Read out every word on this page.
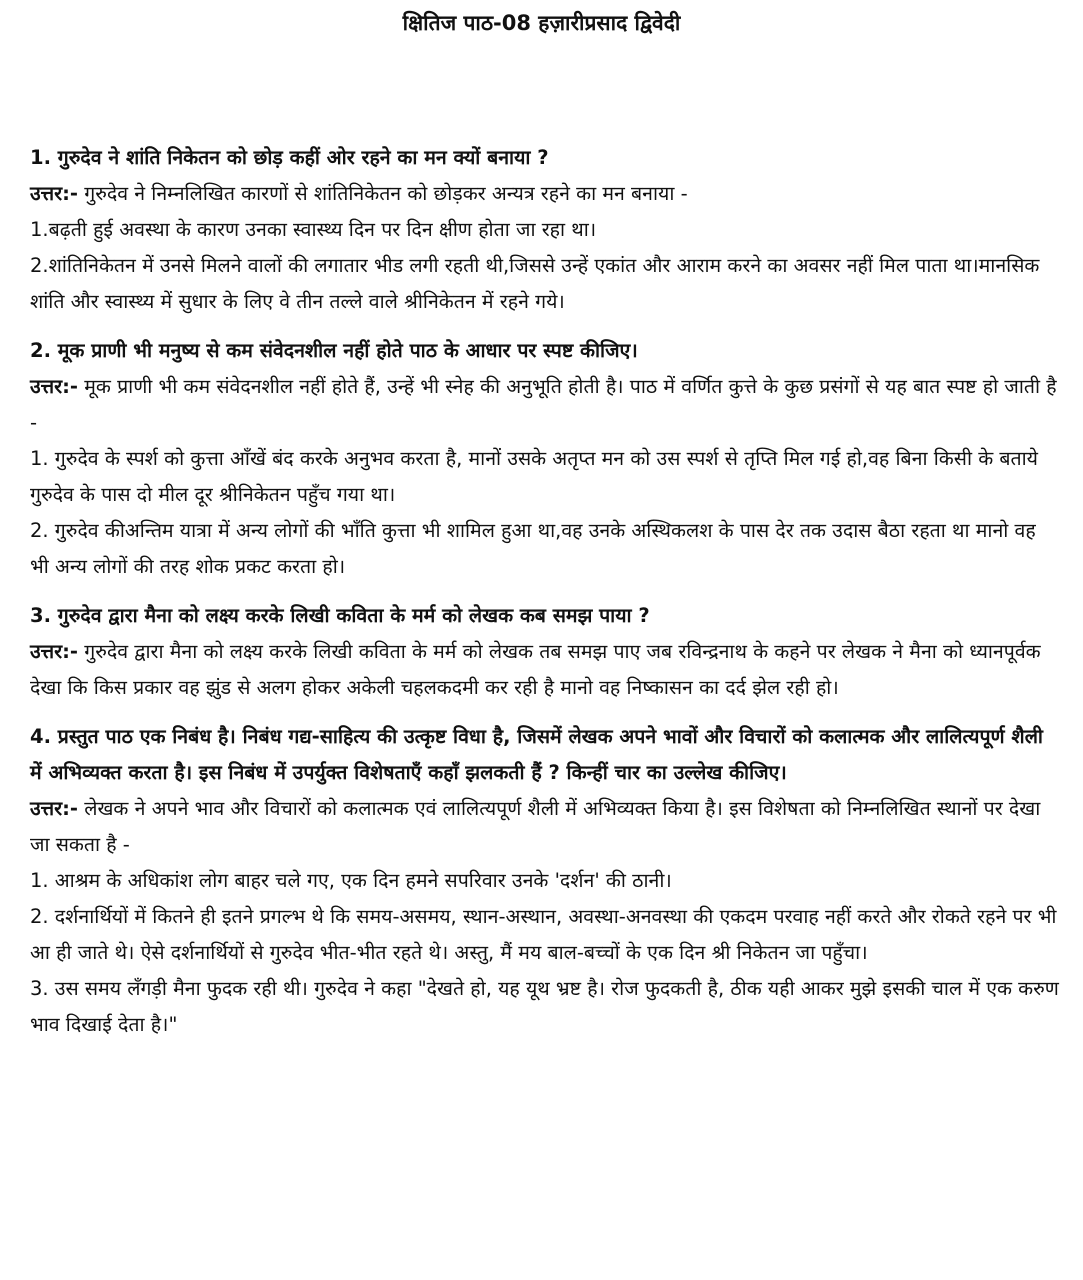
क्षितिज पाठ-08 हज़ारीप्रसाद द्विवेदी

1. गुरुदेव ने शांति निकेतन को छोड़ कहीं ओर रहने का मन क्यों बनाया ?

उत्तर:- गुरुदेव ने निम्नलिखित कारणों से शांतिनिकेतन को छोड़कर अन्यत्र रहने का मन बनाया -

1.बढ़ती हुई अवस्था के कारण उनका स्वास्थ्य दिन पर दिन क्षीण होता जा रहा था।

2.शांतिनिकेतन में उनसे मिलने वालों की लगातार भीड लगी रहती थी,जिससे उन्हें एकांत और आराम करने का अवसर नहीं मिल पाता था।मानसिक शांति और स्वास्थ्य में सुधार के लिए वे तीन तल्ले वाले श्रीनिकेतन में रहने गये।

2. मूक प्राणी भी मनुष्य से कम संवेदनशील नहीं होते पाठ के आधार पर स्पष्ट कीजिए।

उत्तर:- मूक प्राणी भी कम संवेदनशील नहीं होते हैं, उन्हें भी स्नेह की अनुभूति होती है। पाठ में वर्णित कुत्ते के कुछ प्रसंगों से यह बात स्पष्ट हो जाती है -

1. गुरुदेव के स्पर्श को कुत्ता आँखें बंद करके अनुभव करता है, मानों उसके अतृप्त मन को उस स्पर्श से तृप्ति मिल गई हो,वह बिना किसी के बताये गुरुदेव के पास दो मील दूर श्रीनिकेतन पहुँच गया था।

2. गुरुदेव कीअन्तिम यात्रा में अन्य लोगों की भाँति कुत्ता भी शामिल हुआ था,वह उनके अस्थिकलश के पास देर तक उदास बैठा रहता था मानो वह भी अन्य लोगों की तरह शोक प्रकट करता हो।

3. गुरुदेव द्वारा मैना को लक्ष्य करके लिखी कविता के मर्म को लेखक कब समझ पाया ?

उत्तर:- गुरुदेव द्वारा मैना को लक्ष्य करके लिखी कविता के मर्म को लेखक तब समझ पाए जब रविन्द्रनाथ के कहने पर लेखक ने मैना को ध्यानपूर्वक देखा कि किस प्रकार वह झुंड से अलग होकर अकेली चहलकदमी कर रही है मानो वह निष्कासन का दर्द झेल रही हो।

4. प्रस्तुत पाठ एक निबंध है। निबंध गद्य-साहित्य की उत्कृष्ट विधा है, जिसमें लेखक अपने भावों और विचारों को कलात्मक और लालित्यपूर्ण शैली में अभिव्यक्त करता है। इस निबंध में उपर्युक्त विशेषताएँ कहाँ झलकती हैं ? किन्हीं चार का उल्लेख कीजिए।

उत्तर:- लेखक ने अपने भाव और विचारों को कलात्मक एवं लालित्यपूर्ण शैली में अभिव्यक्त किया है। इस विशेषता को निम्नलिखित स्थानों पर देखा जा सकता है -

1. आश्रम के अधिकांश लोग बाहर चले गए, एक दिन हमने सपरिवार उनके 'दर्शन' की ठानी।

2. दर्शनार्थियों में कितने ही इतने प्रगल्भ थे कि समय-असमय, स्थान-अस्थान, अवस्था-अनवस्था की एकदम परवाह नहीं करते और रोकते रहने पर भी आ ही जाते थे। ऐसे दर्शनार्थियों से गुरुदेव भीत-भीत रहते थे। अस्तु, मैं मय बाल-बच्चों के एक दिन श्री निकेतन जा पहुँचा।

3. उस समय लँगड़ी मैना फुदक रही थी। गुरुदेव ने कहा "देखते हो, यह यूथ भ्रष्ट है। रोज फुदकती है, ठीक यही आकर मुझे इसकी चाल में एक करुण भाव दिखाई देता है।"
